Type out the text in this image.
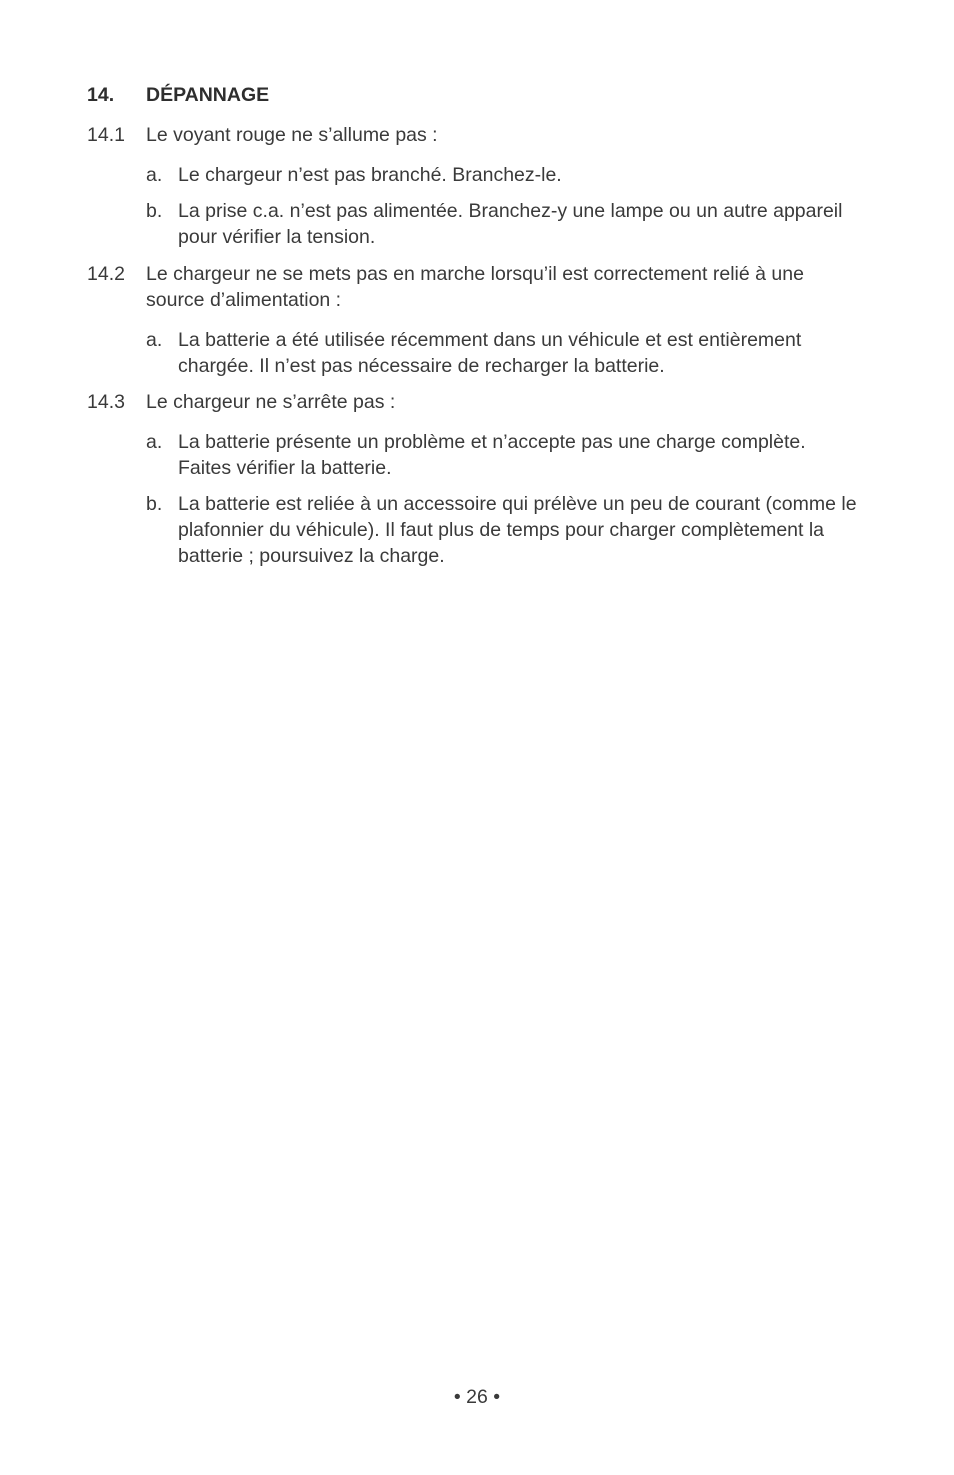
14.	DÉPANNAGE
14.1	Le voyant rouge ne s’allume pas :
a. Le chargeur n’est pas branché. Branchez-le.
b. La prise c.a. n’est pas alimentée. Branchez-y une lampe ou un autre appareil pour vérifier la tension.
14.2	Le chargeur ne se mets pas en marche lorsqu’il est correctement relié à une source d’alimentation :
a. La batterie a été utilisée récemment dans un véhicule et est entièrement chargée. Il n’est pas nécessaire de recharger la batterie.
14.3	Le chargeur ne s’arrête pas :
a. La batterie présente un problème et n’accepte pas une charge complète. Faites vérifier la batterie.
b. La batterie est reliée à un accessoire qui prélève un peu de courant (comme le plafonnier du véhicule). Il faut plus de temps pour charger complètement la batterie ; poursuivez la charge.
• 26 •
